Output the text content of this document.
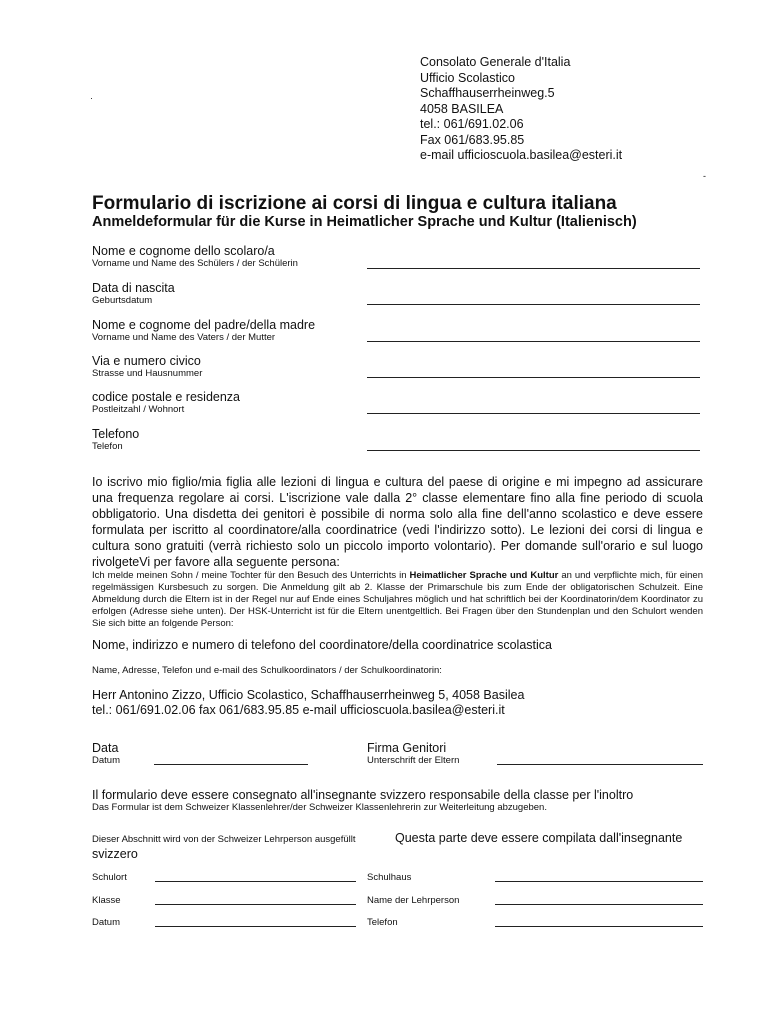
Consolato Generale d'Italia
Ufficio Scolastico
Schaffhauserrheinweg.5
4058 BASILEA
tel.: 061/691.02.06
Fax 061/683.95.85
e-mail ufficioscuola.basilea@esteri.it
·
-
Formulario di iscrizione ai corsi di lingua e cultura italiana
Anmeldeformular für die Kurse in Heimatlicher Sprache und Kultur (Italienisch)
Nome e cognome dello scolaro/a
Vorname und Name des Schülers / der Schülerin
Data di nascita
Geburtsdatum
Nome e cognome del padre/della madre
Vorname und Name des Vaters / der Mutter
Via e numero civico
Strasse und Hausnummer
codice postale e residenza
Postleitzahl / Wohnort
Telefono
Telefon
Io iscrivo mio figlio/mia figlia alle lezioni di lingua e cultura del paese di origine e mi impegno ad assicurare una frequenza regolare ai corsi. L'iscrizione vale dalla 2° classe elementare fino alla fine periodo di scuola obbligatorio. Una disdetta dei genitori è possibile di norma solo alla fine dell'anno scolastico e deve essere formulata per iscritto al coordinatore/alla coordinatrice (vedi l'indirizzo sotto). Le lezioni dei corsi di lingua e cultura sono gratuiti (verrà richiesto solo un piccolo importo volontario). Per domande sull'orario e sul luogo rivolgeteVi per favore alla seguente persona:
Ich melde meinen Sohn / meine Tochter für den Besuch des Unterrichts in Heimatlicher Sprache und Kultur an und verpflichte mich, für einen regelmässigen Kursbesuch zu sorgen. Die Anmeldung gilt ab 2. Klasse der Primarschule bis zum Ende der obligatorischen Schulzeit. Eine Abmeldung durch die Eltern ist in der Regel nur auf Ende eines Schuljahres möglich und hat schriftlich bei der Koordinatorin/dem Koordinator zu erfolgen (Adresse siehe unten). Der HSK-Unterricht ist für die Eltern unentgeltlich. Bei Fragen über den Stundenplan und den Schulort wenden Sie sich bitte an folgende Person:
Nome, indirizzo e numero di telefono del coordinatore/della coordinatrice scolastica
Name, Adresse, Telefon und e-mail des Schulkoordinators / der Schulkoordinatorin:
Herr Antonino Zizzo, Ufficio Scolastico, Schaffhauserrheinweg 5, 4058 Basilea
tel.: 061/691.02.06 fax 061/683.95.85 e-mail ufficioscuola.basilea@esteri.it
Data
Datum
Firma Genitori
Unterschrift der Eltern
Il formulario deve essere consegnato all'insegnante svizzero responsabile della classe per l'inoltro
Das Formular ist dem Schweizer Klassenlehrer/der Schweizer Klassenlehrerin zur Weiterleitung abzugeben.
Dieser Abschnitt wird von der Schweizer Lehrperson ausgefüllt	Questa parte deve essere compilata dall'insegnante
svizzero
Schulort	Schulhaus
Klasse	Name der Lehrperson
Datum	Telefon
